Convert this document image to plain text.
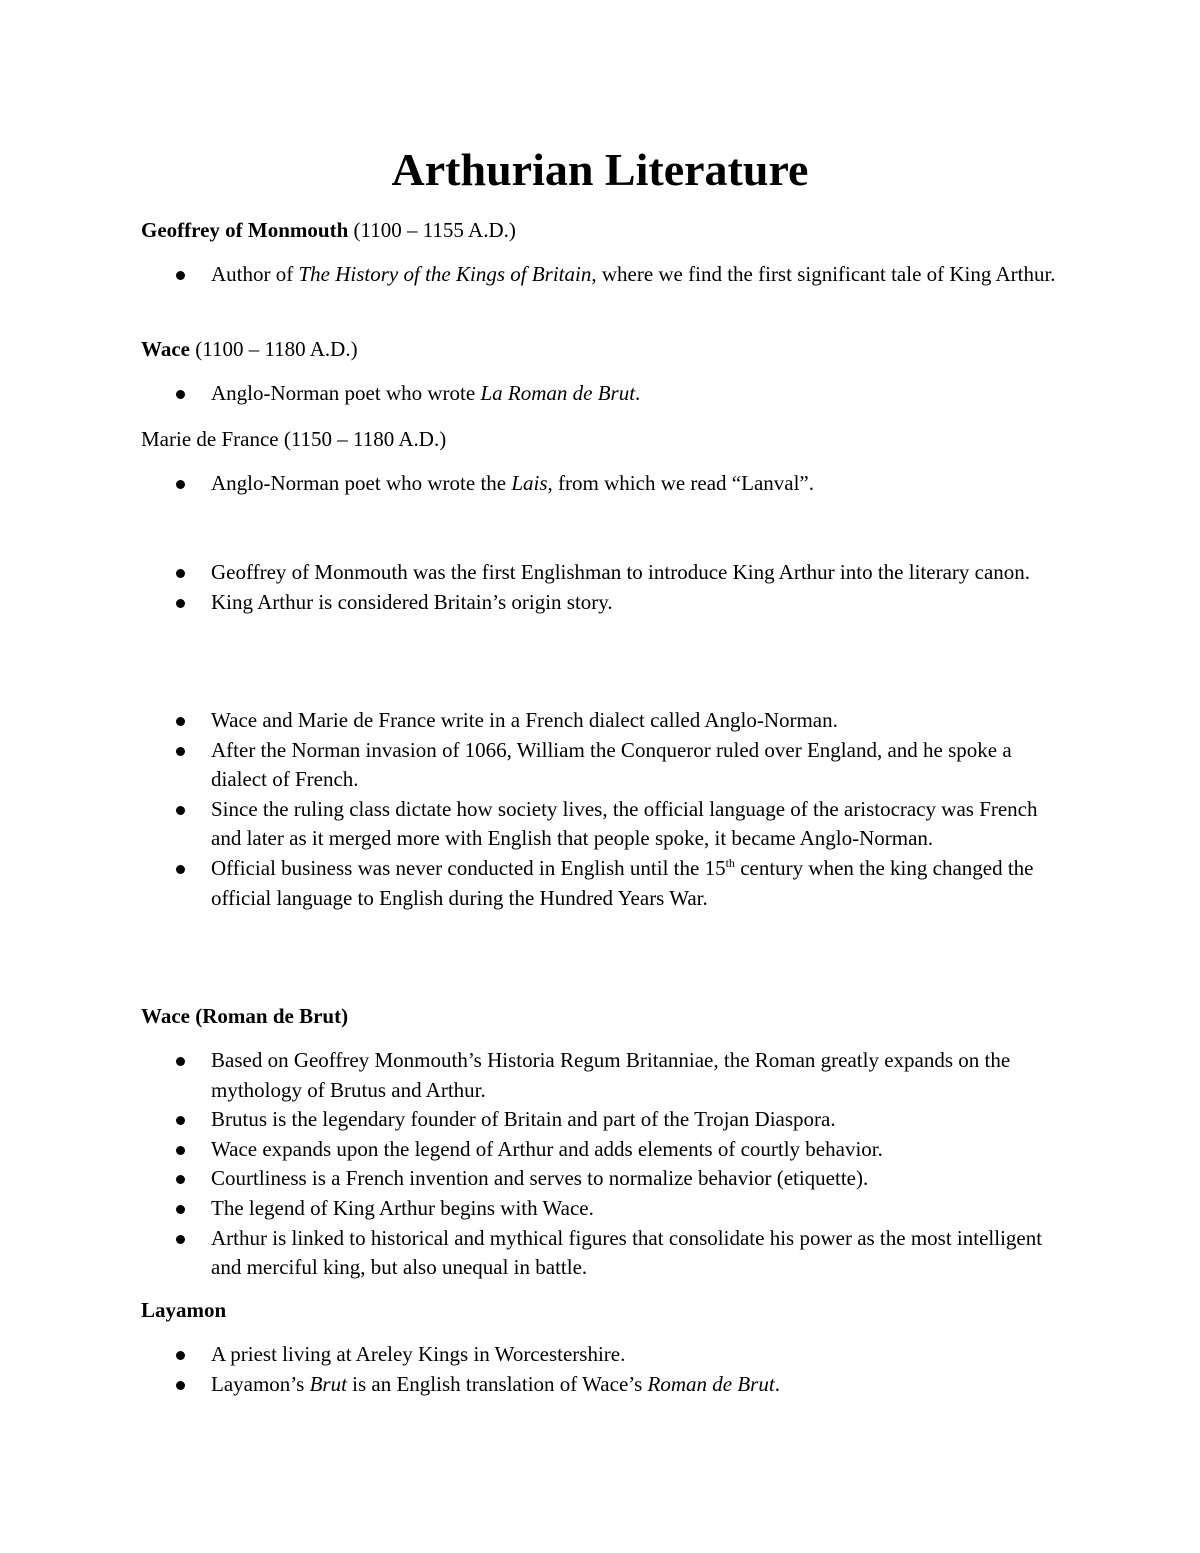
Arthurian Literature

Geoffrey of Monmouth (1100 – 1155 A.D.)

Author of The History of the Kings of Britain, where we find the first significant tale of King Arthur.

Wace (1100 – 1180 A.D.)

Anglo-Norman poet who wrote La Roman de Brut.

Marie de France (1150 – 1180 A.D.)

Anglo-Norman poet who wrote the Lais, from which we read “Lanval”.
Geoffrey of Monmouth was the first Englishman to introduce King Arthur into the literary canon.
King Arthur is considered Britain’s origin story.
Wace and Marie de France write in a French dialect called Anglo-Norman.
After the Norman invasion of 1066, William the Conqueror ruled over England, and he spoke a dialect of French.
Since the ruling class dictate how society lives, the official language of the aristocracy was French and later as it merged more with English that people spoke, it became Anglo-Norman.
Official business was never conducted in English until the 15th century when the king changed the official language to English during the Hundred Years War.

Wace (Roman de Brut)

Based on Geoffrey Monmouth’s Historia Regum Britanniae, the Roman greatly expands on the mythology of Brutus and Arthur.
Brutus is the legendary founder of Britain and part of the Trojan Diaspora.
Wace expands upon the legend of Arthur and adds elements of courtly behavior.
Courtliness is a French invention and serves to normalize behavior (etiquette).
The legend of King Arthur begins with Wace.
Arthur is linked to historical and mythical figures that consolidate his power as the most intelligent and merciful king, but also unequal in battle.

Layamon

A priest living at Areley Kings in Worcestershire.
Layamon’s Brut is an English translation of Wace’s Roman de Brut.
